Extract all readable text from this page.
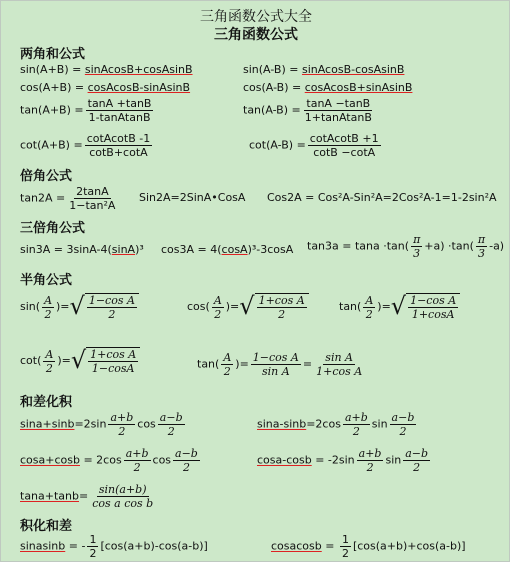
三角函数公式大全
三角函数公式
两角和公式
sin(A+B) = sinAcosB+cosAsinB	sin(A-B) = sinAcosB-cosAsinB
cos(A+B) = cosAcosB-sinAsinB	cos(A-B) = cosAcosB+sinAsinB
$\tan(A+B) = \frac{\tan A +\tan B}{\text{1-tanAtanB}}$	$\tan(A-B) = \frac{\tan A -\tan B}{\text{1+tanAtanB}}$
$\cot(A+B) = \frac{\text{cotAcotB -1}}{\cot B+\cot A}$	$\cot(A-B) = \frac{\text{cotAcotB +1}}{\cot B -\cot A}$
倍角公式
$\tan 2A = \frac{2\tan A}{\text{1−tan²A}}$ Sin2A=2SinA•CosA Cos2A = Cos²A-Sin²A=2Cos²A-1=1-2sin²A
三倍角公式
sin3A = 3sinA-4(sinA)³ cos3A = 4(cosA)³-3cosA $\tan 3a = \tan a \cdot\tan( \frac{\pi}{3} +a) \cdot\tan( \frac{\pi}{3} -a)$
半角公式
$\sin( \frac{A}{2}$ )= √ $\frac{\text{1−cos A}}{2}$	$\cos( \frac{A}{2}$ )= √ $\frac{\text{1+cos A}}{2}$	$\tan( \frac{A}{2}$ )= √ $\frac{\text{1−cos A}}{1+\cos A}$
$\cot( \frac{A}{2}$ )= √ $\frac{\text{1+cos A}}{1-\cos A}$	$\tan( \frac{A}{2}$ )= $\frac{\text{1−cos A}}{\text{sin A}} = \frac{\text{sin A}}{\text{1+cos A}}$
和差化积
$\sin a+\sin b=2\sin \frac{a+b}{2}$ $\cos \frac{a-b}{2}$	$\sin a-\sin b=2\cos \frac{a+b}{2}$ $\sin \frac{a-b}{2}$
$\cos a+\cos b = 2\cos \frac{a+b}{2}$ $\cos \frac{a-b}{2}$	$\cos a-\cos b = -2\sin \frac{a+b}{2}$ $\sin \frac{a-b}{2}$
$\tan a+\tan b= \frac{\sin(a+b)}{\text{cos a cos b}}$
积化和差
sinasinb = - $\frac{1}{2} [\cos(a+b)-\cos(a-b)]$	cosacosb = $\frac{1}{2} [\cos(a+b)+\cos(a-b)]$
